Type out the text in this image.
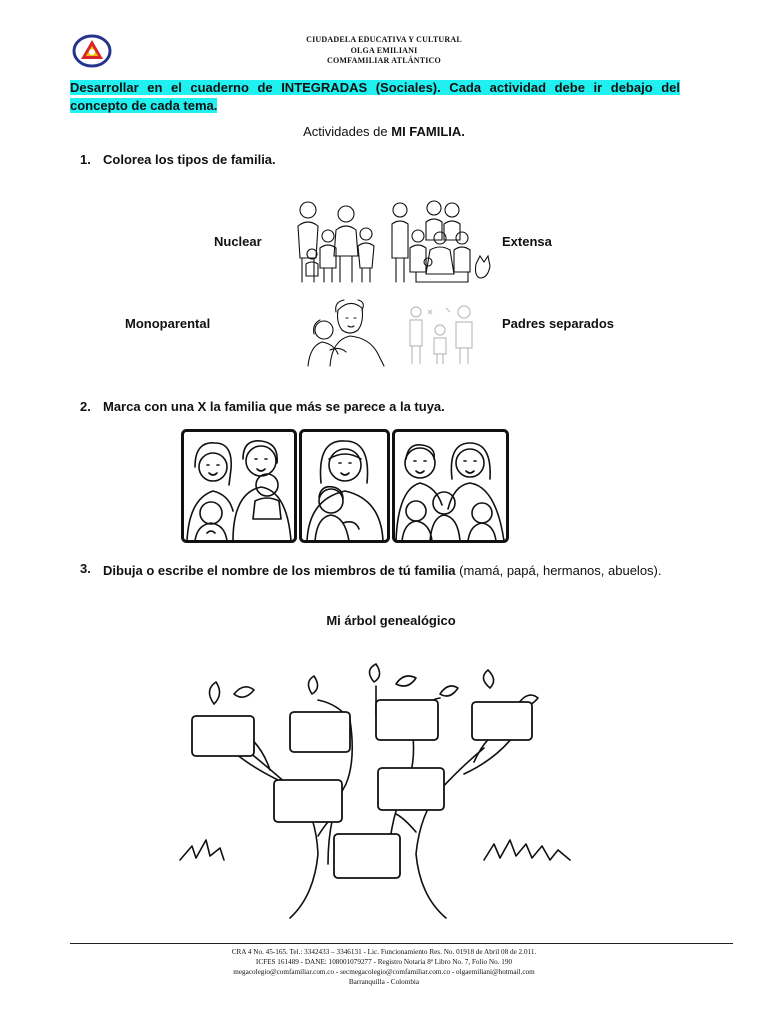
CIUDADELA EDUCATIVA Y CULTURAL
OLGA EMILIANI
COMFAMILIAR ATLÁNTICO
Desarrollar en el cuaderno de INTEGRADAS (Sociales). Cada actividad debe ir debajo del concepto de cada tema.
Actividades de MI FAMILIA.
1. Colorea los tipos de familia.
Nuclear	Extensa
Monoparental	Padres separados
2. Marca con una X la familia que más se parece a la tuya.
3. Dibuja o escribe el nombre de los miembros de tú familia (mamá, papá, hermanos, abuelos).
Mi árbol genealógico
CRA 4 No. 45-165. Tel.: 3342433 – 3346131 - Lic. Funcionamiento Res. No. 01918 de Abril 08 de 2.011.
ICFES 161489 - DANE: 108001079277 - Registro Notaria 8ª Libro No. 7, Folio No. 190
megacolegio@comfamiliar.com.co - secmegacolegio@comfamiliar.com.co - olgaemiliani@hotmail.com
Barranquilla - Colombia
